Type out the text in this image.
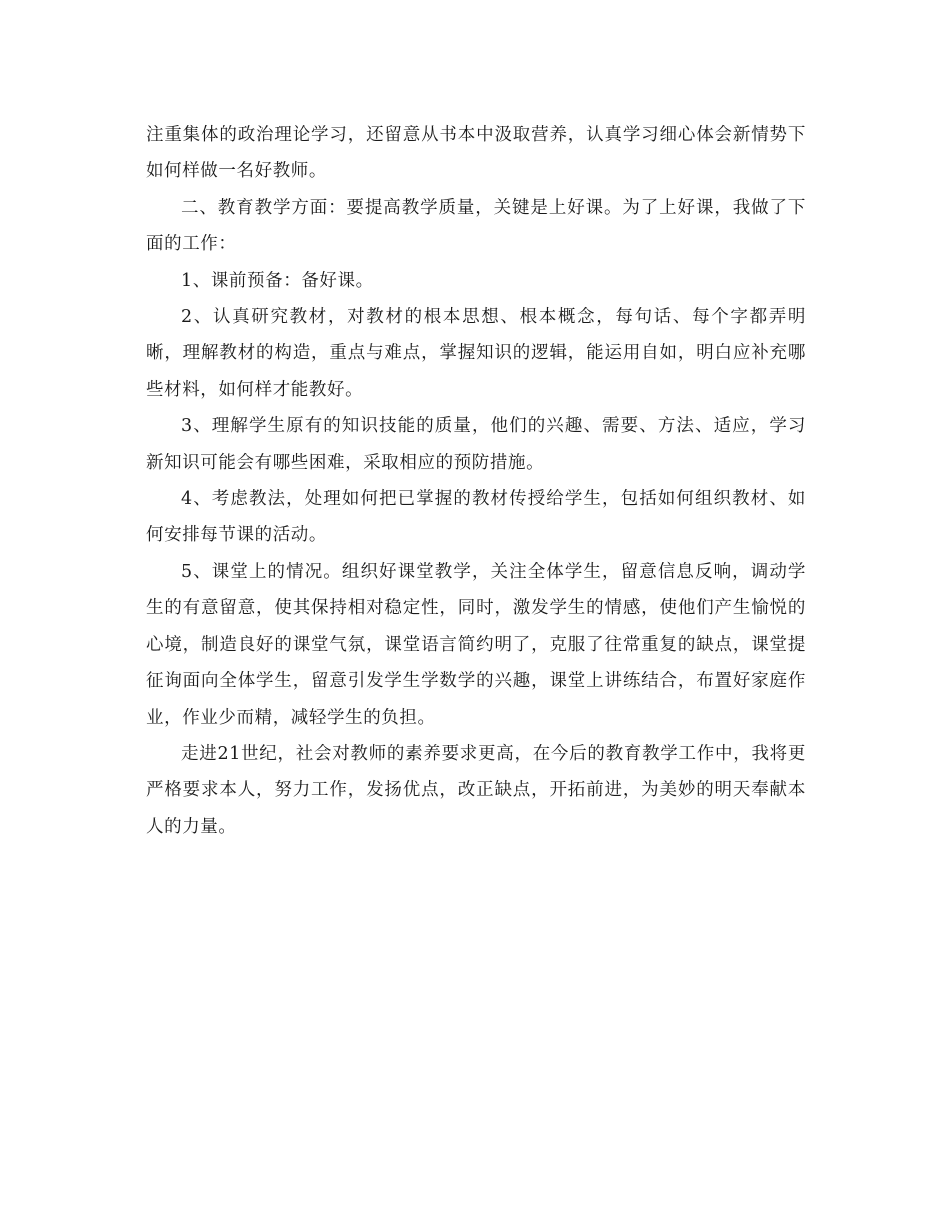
注重集体的政治理论学习，还留意从书本中汲取营养，认真学习细心体会新情势下如何样做一名好教师。

二、教育教学方面：要提高教学质量，关键是上好课。为了上好课，我做了下面的工作：

1、课前预备：备好课。

2、认真研究教材，对教材的根本思想、根本概念，每句话、每个字都弄明晰，理解教材的构造，重点与难点，掌握知识的逻辑，能运用自如，明白应补充哪些材料，如何样才能教好。

3、理解学生原有的知识技能的质量，他们的兴趣、需要、方法、适应，学习新知识可能会有哪些困难，采取相应的预防措施。

4、考虑教法，处理如何把已掌握的教材传授给学生，包括如何组织教材、如何安排每节课的活动。

5、课堂上的情况。组织好课堂教学，关注全体学生，留意信息反响，调动学生的有意留意，使其保持相对稳定性，同时，激发学生的情感，使他们产生愉悦的心境，制造良好的课堂气氛，课堂语言简约明了，克服了往常重复的缺点，课堂提征询面向全体学生，留意引发学生学数学的兴趣，课堂上讲练结合，布置好家庭作业，作业少而精，减轻学生的负担。

走进21世纪，社会对教师的素养要求更高，在今后的教育教学工作中，我将更严格要求本人，努力工作，发扬优点，改正缺点，开拓前进，为美妙的明天奉献本人的力量。
